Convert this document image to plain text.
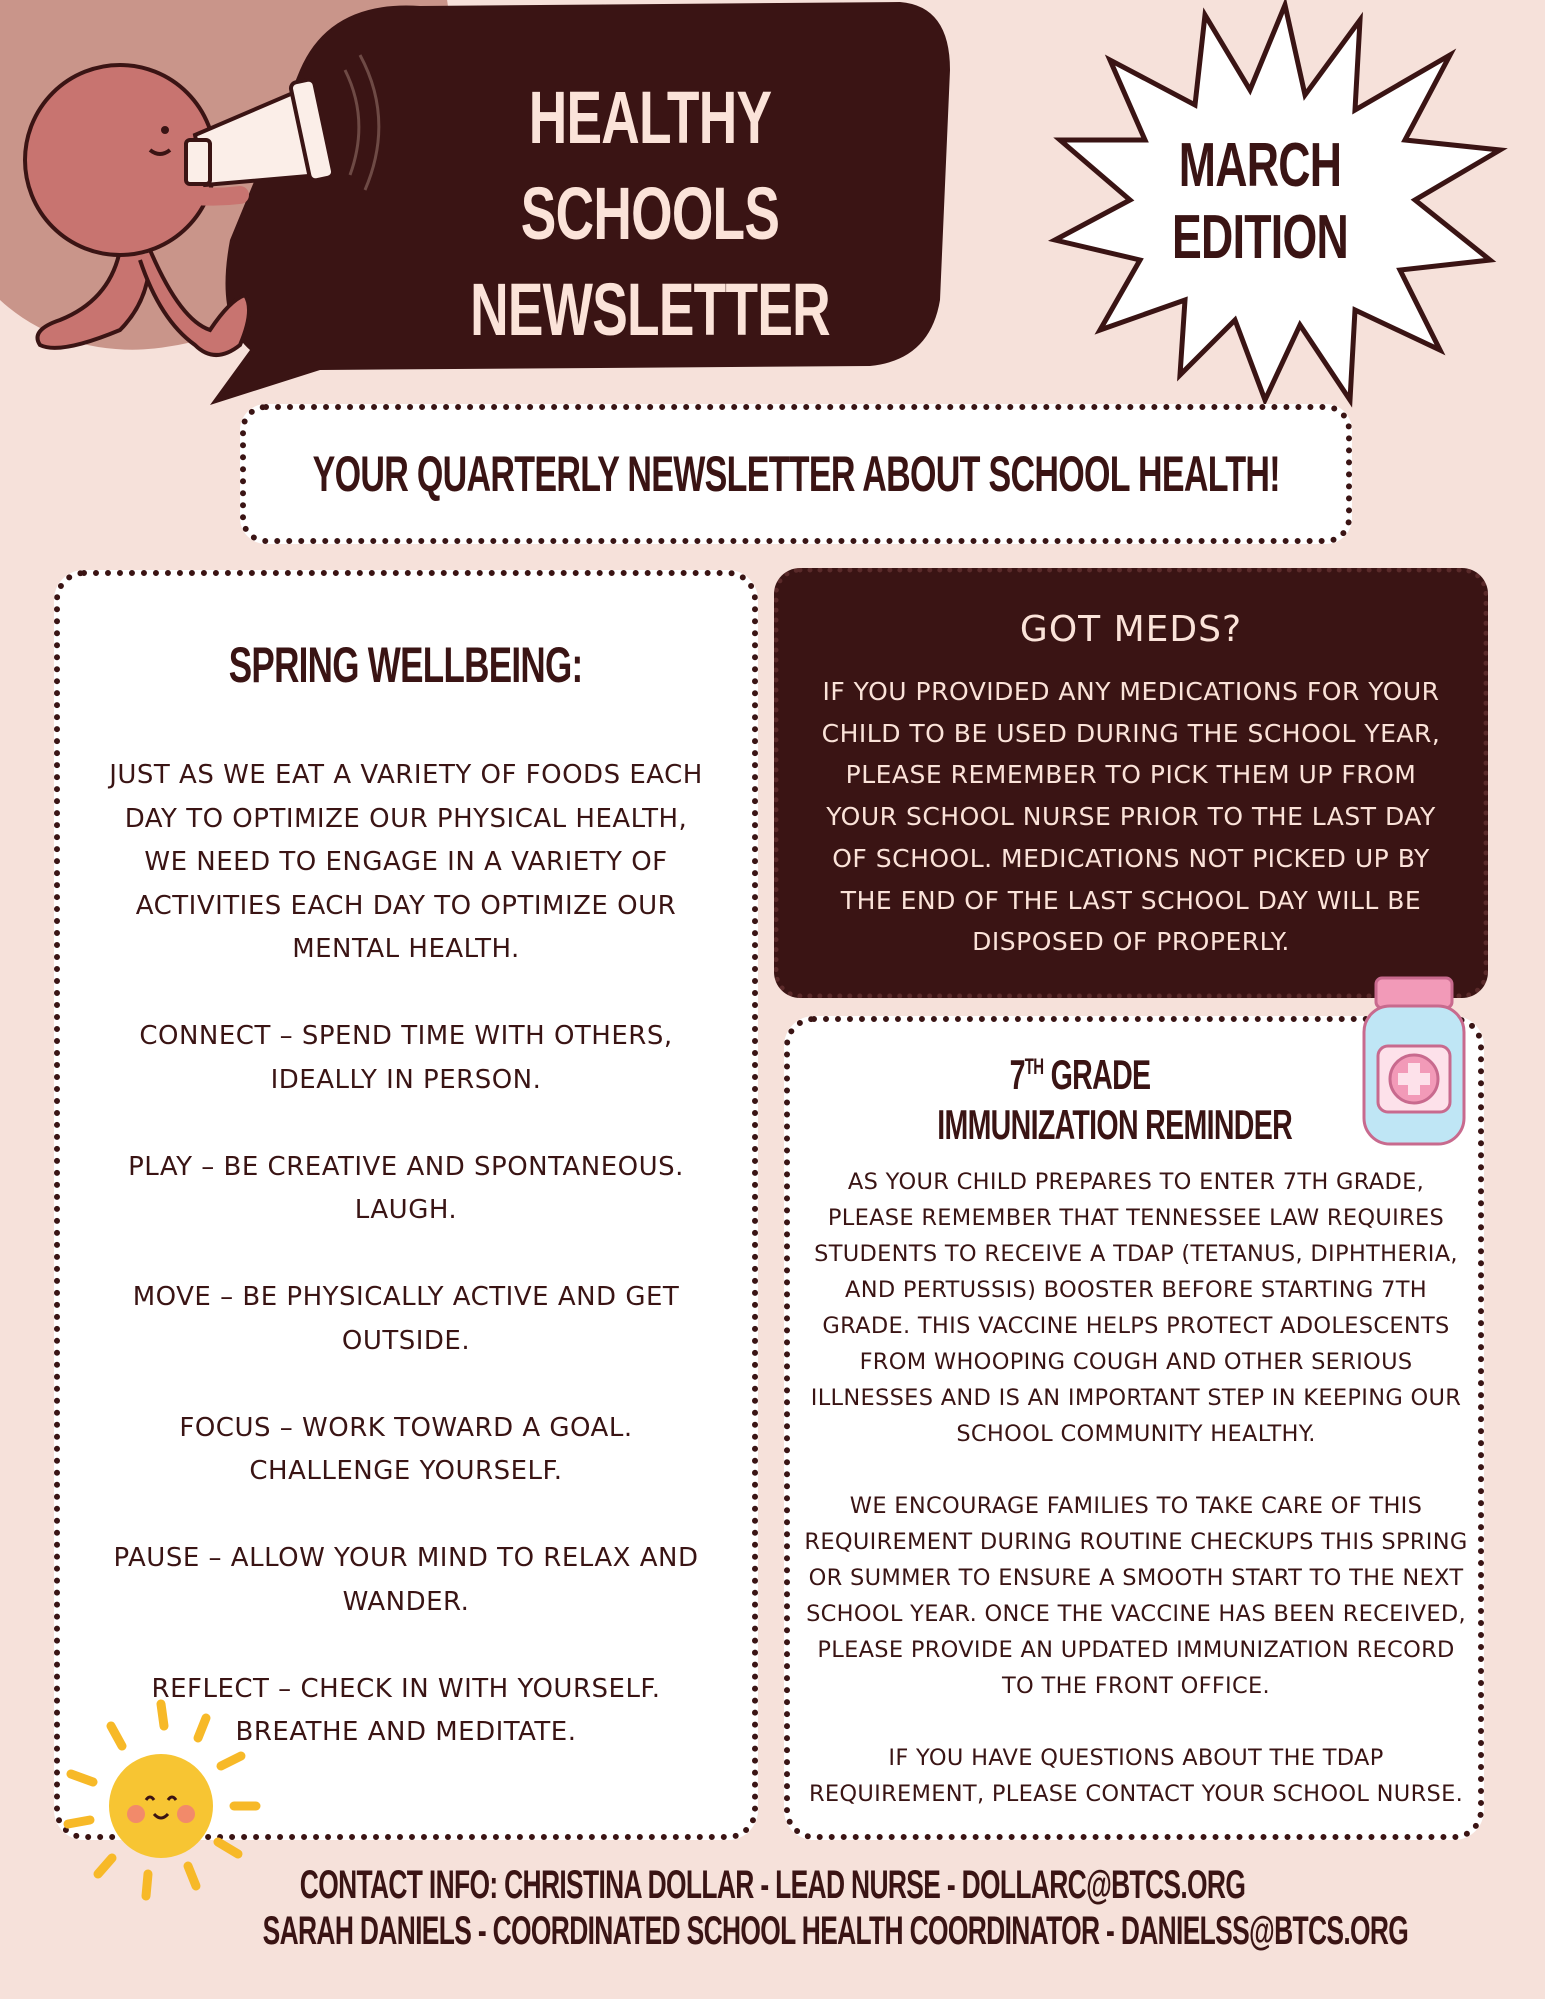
HEALTHY SCHOOLS
NEWSLETTER
MARCH
EDITION
YOUR QUARTERLY NEWSLETTER ABOUT SCHOOL HEALTH!
SPRING WELLBEING:

JUST AS WE EAT A VARIETY OF FOODS EACH DAY TO OPTIMIZE OUR PHYSICAL HEALTH, WE NEED TO ENGAGE IN A VARIETY OF ACTIVITIES EACH DAY TO OPTIMIZE OUR MENTAL HEALTH.

CONNECT – SPEND TIME WITH OTHERS, IDEALLY IN PERSON.

PLAY – BE CREATIVE AND SPONTANEOUS. LAUGH.

MOVE – BE PHYSICALLY ACTIVE AND GET OUTSIDE.

FOCUS – WORK TOWARD A GOAL. CHALLENGE YOURSELF.

PAUSE – ALLOW YOUR MIND TO RELAX AND WANDER.

REFLECT – CHECK IN WITH YOURSELF. BREATHE AND MEDITATE.

GOT MEDS?
IF YOU PROVIDED ANY MEDICATIONS FOR YOUR CHILD TO BE USED DURING THE SCHOOL YEAR, PLEASE REMEMBER TO PICK THEM UP FROM YOUR SCHOOL NURSE PRIOR TO THE LAST DAY OF SCHOOL. MEDICATIONS NOT PICKED UP BY THE END OF THE LAST SCHOOL DAY WILL BE DISPOSED OF PROPERLY.
7TH GRADE
IMMUNIZATION REMINDER

AS YOUR CHILD PREPARES TO ENTER 7TH GRADE, PLEASE REMEMBER THAT TENNESSEE LAW REQUIRES STUDENTS TO RECEIVE A TDAP (TETANUS, DIPHTHERIA, AND PERTUSSIS) BOOSTER BEFORE STARTING 7TH GRADE. THIS VACCINE HELPS PROTECT ADOLESCENTS FROM WHOOPING COUGH AND OTHER SERIOUS ILLNESSES AND IS AN IMPORTANT STEP IN KEEPING OUR SCHOOL COMMUNITY HEALTHY.

WE ENCOURAGE FAMILIES TO TAKE CARE OF THIS REQUIREMENT DURING ROUTINE CHECKUPS THIS SPRING OR SUMMER TO ENSURE A SMOOTH START TO THE NEXT SCHOOL YEAR. ONCE THE VACCINE HAS BEEN RECEIVED, PLEASE PROVIDE AN UPDATED IMMUNIZATION RECORD TO THE FRONT OFFICE.

IF YOU HAVE QUESTIONS ABOUT THE TDAP REQUIREMENT, PLEASE CONTACT YOUR SCHOOL NURSE.

CONTACT INFO: CHRISTINA DOLLAR - LEAD NURSE - DOLLARC@BTCS.ORG
SARAH DANIELS - COORDINATED SCHOOL HEALTH COORDINATOR - DANIELSS@BTCS.ORG
